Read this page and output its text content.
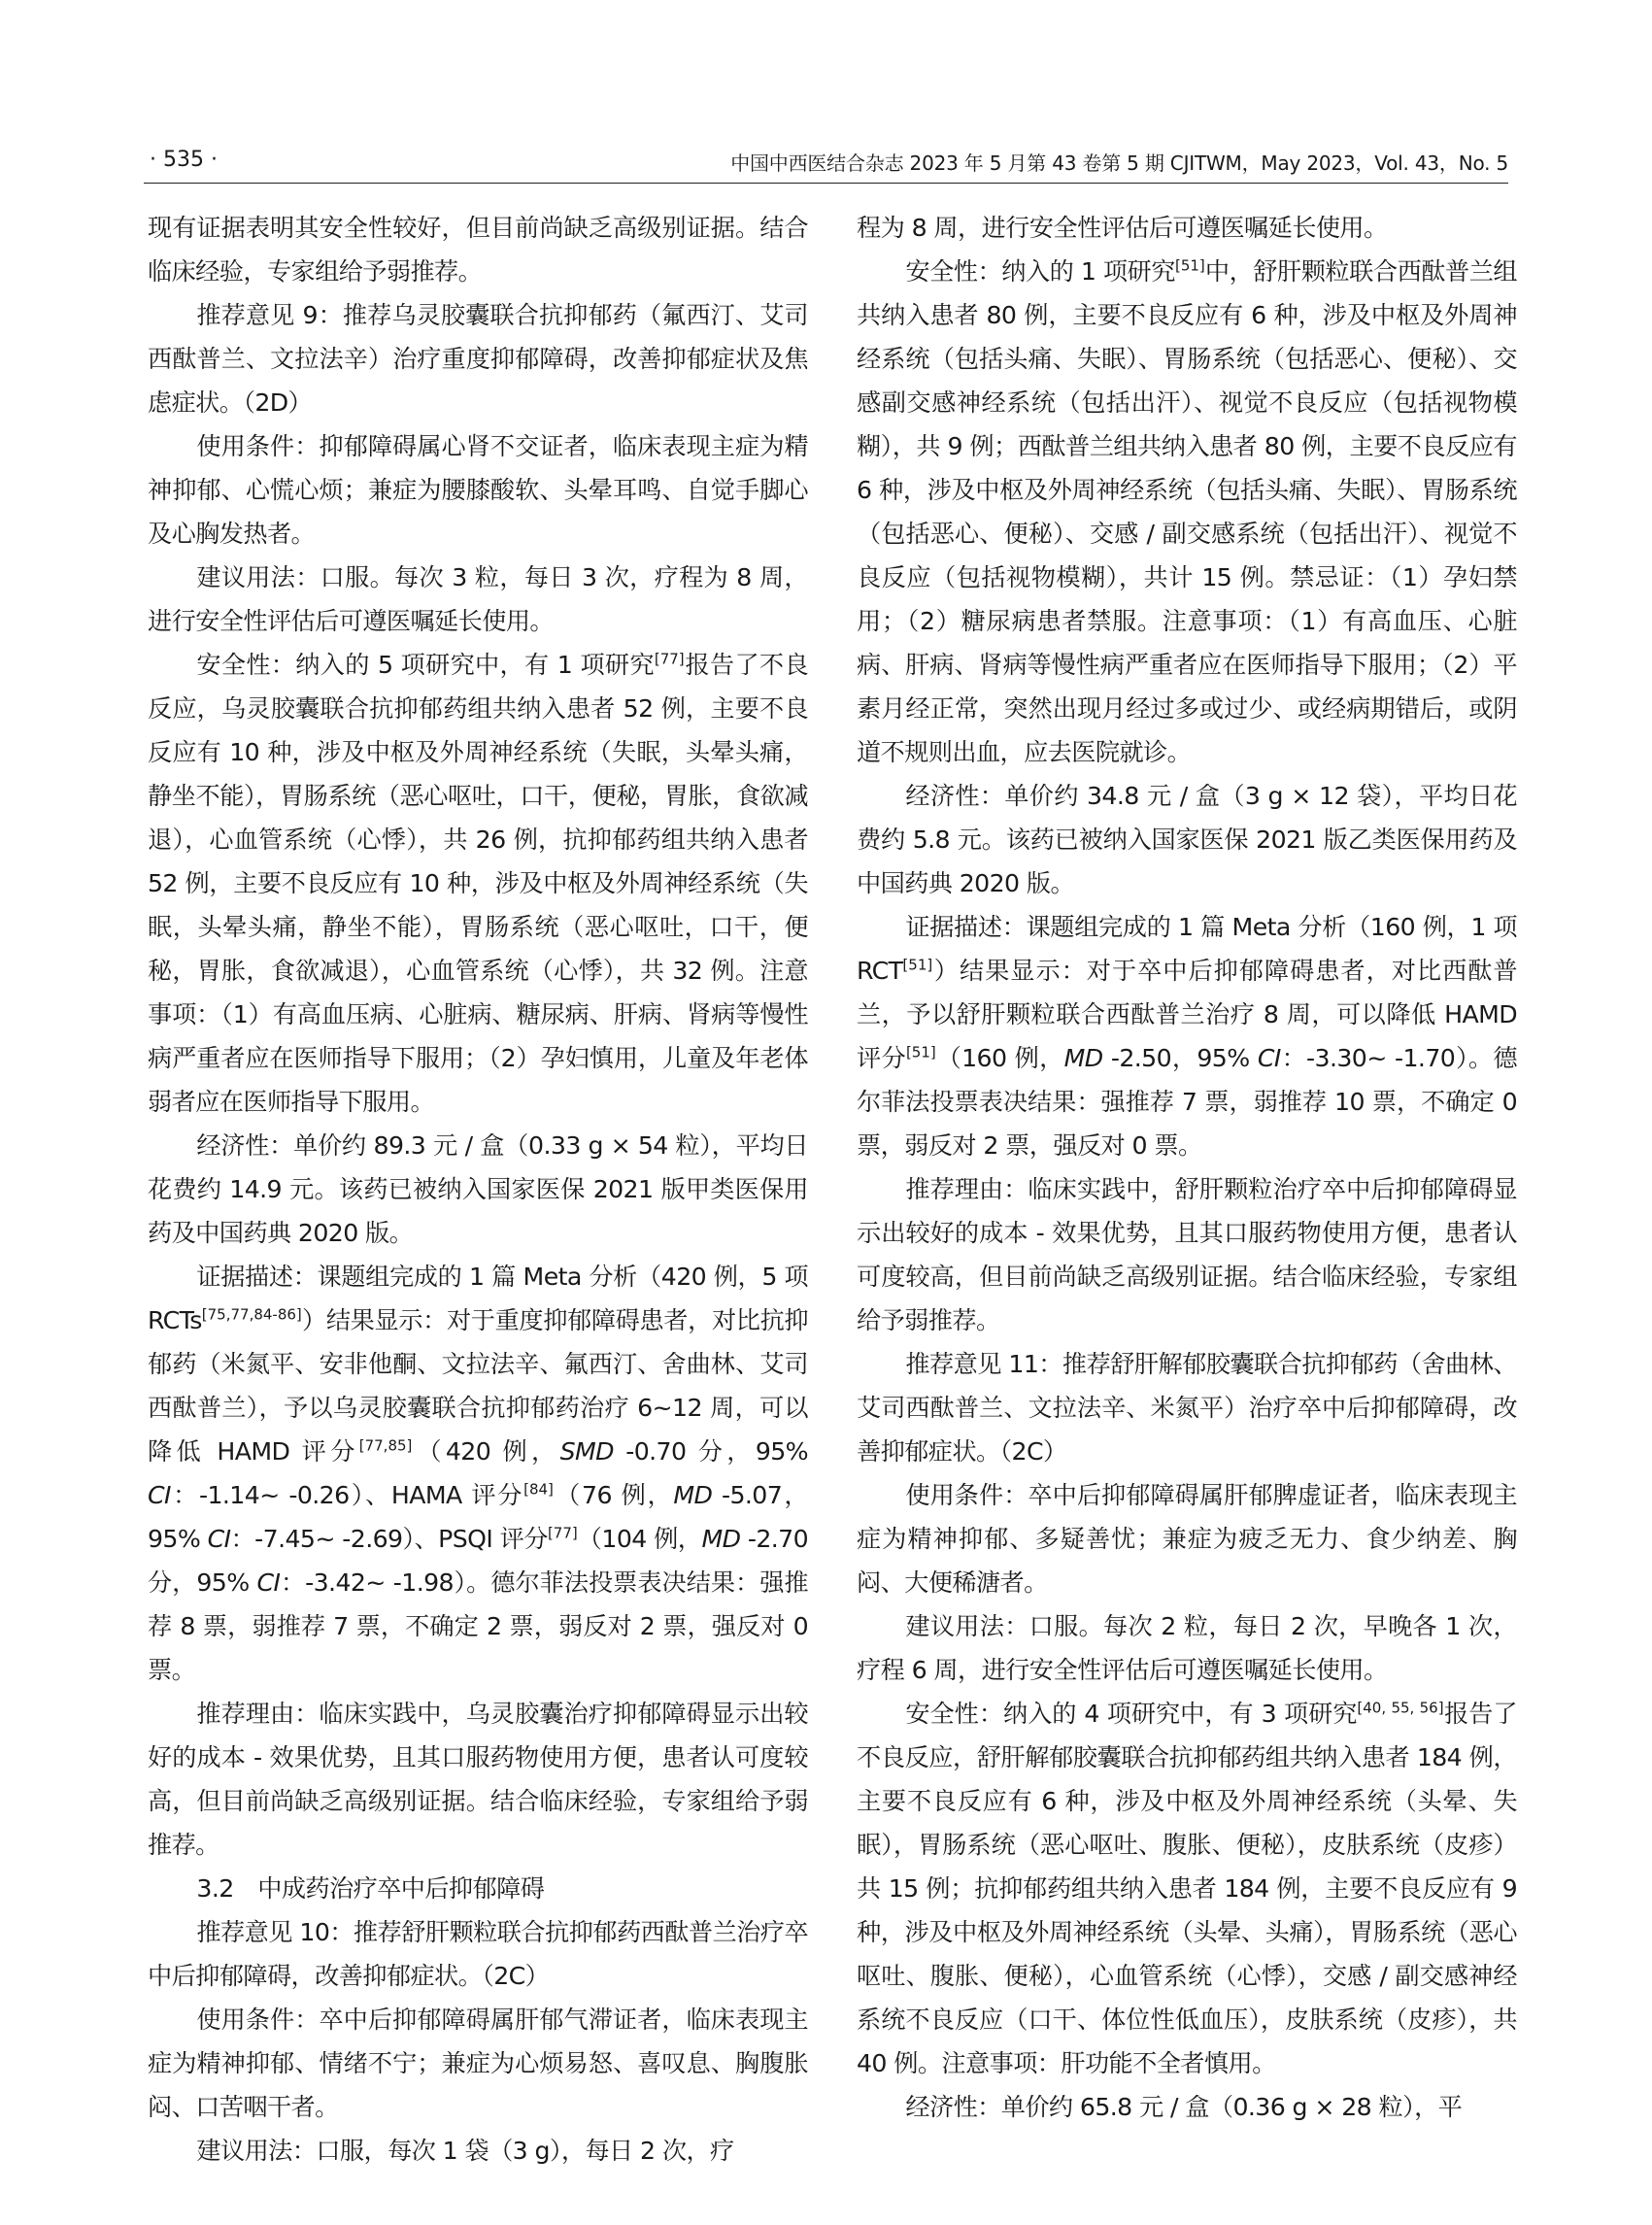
· 535 ·	中国中西医结合杂志 2023 年 5 月第 43 卷第 5 期 CJITWM，May 2023，Vol. 43，No. 5

现有证据表明其安全性较好，但目前尚缺乏高级别证据。结合临床经验，专家组给予弱推荐。

推荐意见 9：推荐乌灵胶囊联合抗抑郁药（氟西汀、艾司西酞普兰、文拉法辛）治疗重度抑郁障碍，改善抑郁症状及焦虑症状。（2D）

使用条件：抑郁障碍属心肾不交证者，临床表现主症为精神抑郁、心慌心烦；兼症为腰膝酸软、头晕耳鸣、自觉手脚心及心胸发热者。

建议用法：口服。每次 3 粒，每日 3 次，疗程为 8 周，进行安全性评估后可遵医嘱延长使用。

安全性：纳入的 5 项研究中，有 1 项研究[77]报告了不良反应，乌灵胶囊联合抗抑郁药组共纳入患者 52 例，主要不良反应有 10 种，涉及中枢及外周神经系统（失眠，头晕头痛，静坐不能），胃肠系统（恶心呕吐，口干，便秘，胃胀，食欲减退），心血管系统（心悸），共 26 例，抗抑郁药组共纳入患者 52 例，主要不良反应有 10 种，涉及中枢及外周神经系统（失眠，头晕头痛，静坐不能），胃肠系统（恶心呕吐，口干，便秘，胃胀，食欲减退），心血管系统（心悸），共 32 例。注意事项：（1）有高血压病、心脏病、糖尿病、肝病、肾病等慢性病严重者应在医师指导下服用；（2）孕妇慎用，儿童及年老体弱者应在医师指导下服用。

经济性：单价约 89.3 元 / 盒（0.33 g × 54 粒），平均日花费约 14.9 元。该药已被纳入国家医保 2021 版甲类医保用药及中国药典 2020 版。

证据描述：课题组完成的 1 篇 Meta 分析（420 例，5 项 RCTs[75,77,84-86]）结果显示：对于重度抑郁障碍患者，对比抗抑郁药（米氮平、安非他酮、文拉法辛、氟西汀、舍曲林、艾司西酞普兰），予以乌灵胶囊联合抗抑郁药治疗 6~12 周，可以降低 HAMD 评分[77,85]（420 例，SMD -0.70 分，95% CI：-1.14~ -0.26）、HAMA 评分[84]（76 例，MD -5.07，95% CI：-7.45~ -2.69）、PSQI 评分[77]（104 例，MD -2.70 分，95% CI：-3.42~ -1.98）。德尔菲法投票表决结果：强推荐 8 票，弱推荐 7 票，不确定 2 票，弱反对 2 票，强反对 0 票。

推荐理由：临床实践中，乌灵胶囊治疗抑郁障碍显示出较好的成本 - 效果优势，且其口服药物使用方便，患者认可度较高，但目前尚缺乏高级别证据。结合临床经验，专家组给予弱推荐。

3.2　中成药治疗卒中后抑郁障碍

推荐意见 10：推荐舒肝颗粒联合抗抑郁药西酞普兰治疗卒中后抑郁障碍，改善抑郁症状。（2C）

使用条件：卒中后抑郁障碍属肝郁气滞证者，临床表现主症为精神抑郁、情绪不宁；兼症为心烦易怒、喜叹息、胸腹胀闷、口苦咽干者。

建议用法：口服，每次 1 袋（3 g），每日 2 次，疗

程为 8 周，进行安全性评估后可遵医嘱延长使用。

安全性：纳入的 1 项研究[51]中，舒肝颗粒联合西酞普兰组共纳入患者 80 例，主要不良反应有 6 种，涉及中枢及外周神经系统（包括头痛、失眠）、胃肠系统（包括恶心、便秘）、交感副交感神经系统（包括出汗）、视觉不良反应（包括视物模糊），共 9 例；西酞普兰组共纳入患者 80 例，主要不良反应有 6 种，涉及中枢及外周神经系统（包括头痛、失眠）、胃肠系统（包括恶心、便秘）、交感 / 副交感系统（包括出汗）、视觉不良反应（包括视物模糊），共计 15 例。禁忌证：（1）孕妇禁用；（2）糖尿病患者禁服。注意事项：（1）有高血压、心脏病、肝病、肾病等慢性病严重者应在医师指导下服用；（2）平素月经正常，突然出现月经过多或过少、或经病期错后，或阴道不规则出血，应去医院就诊。

经济性：单价约 34.8 元 / 盒（3 g × 12 袋），平均日花费约 5.8 元。该药已被纳入国家医保 2021 版乙类医保用药及中国药典 2020 版。

证据描述：课题组完成的 1 篇 Meta 分析（160 例，1 项 RCT[51]）结果显示：对于卒中后抑郁障碍患者，对比西酞普兰，予以舒肝颗粒联合西酞普兰治疗 8 周，可以降低 HAMD 评分[51]（160 例，MD -2.50，95% CI：-3.30~ -1.70）。德尔菲法投票表决结果：强推荐 7 票，弱推荐 10 票，不确定 0 票，弱反对 2 票，强反对 0 票。

推荐理由：临床实践中，舒肝颗粒治疗卒中后抑郁障碍显示出较好的成本 - 效果优势，且其口服药物使用方便，患者认可度较高，但目前尚缺乏高级别证据。结合临床经验，专家组给予弱推荐。

推荐意见 11：推荐舒肝解郁胶囊联合抗抑郁药（舍曲林、艾司西酞普兰、文拉法辛、米氮平）治疗卒中后抑郁障碍，改善抑郁症状。（2C）

使用条件：卒中后抑郁障碍属肝郁脾虚证者，临床表现主症为精神抑郁、多疑善忧；兼症为疲乏无力、食少纳差、胸闷、大便稀溏者。

建议用法：口服。每次 2 粒，每日 2 次，早晚各 1 次，疗程 6 周，进行安全性评估后可遵医嘱延长使用。

安全性：纳入的 4 项研究中，有 3 项研究[40, 55, 56]报告了不良反应，舒肝解郁胶囊联合抗抑郁药组共纳入患者 184 例，主要不良反应有 6 种，涉及中枢及外周神经系统（头晕、失眠），胃肠系统（恶心呕吐、腹胀、便秘），皮肤系统（皮疹）共 15 例；抗抑郁药组共纳入患者 184 例，主要不良反应有 9 种，涉及中枢及外周神经系统（头晕、头痛），胃肠系统（恶心呕吐、腹胀、便秘），心血管系统（心悸），交感 / 副交感神经系统不良反应（口干、体位性低血压），皮肤系统（皮疹），共 40 例。注意事项：肝功能不全者慎用。

经济性：单价约 65.8 元 / 盒（0.36 g × 28 粒），平
